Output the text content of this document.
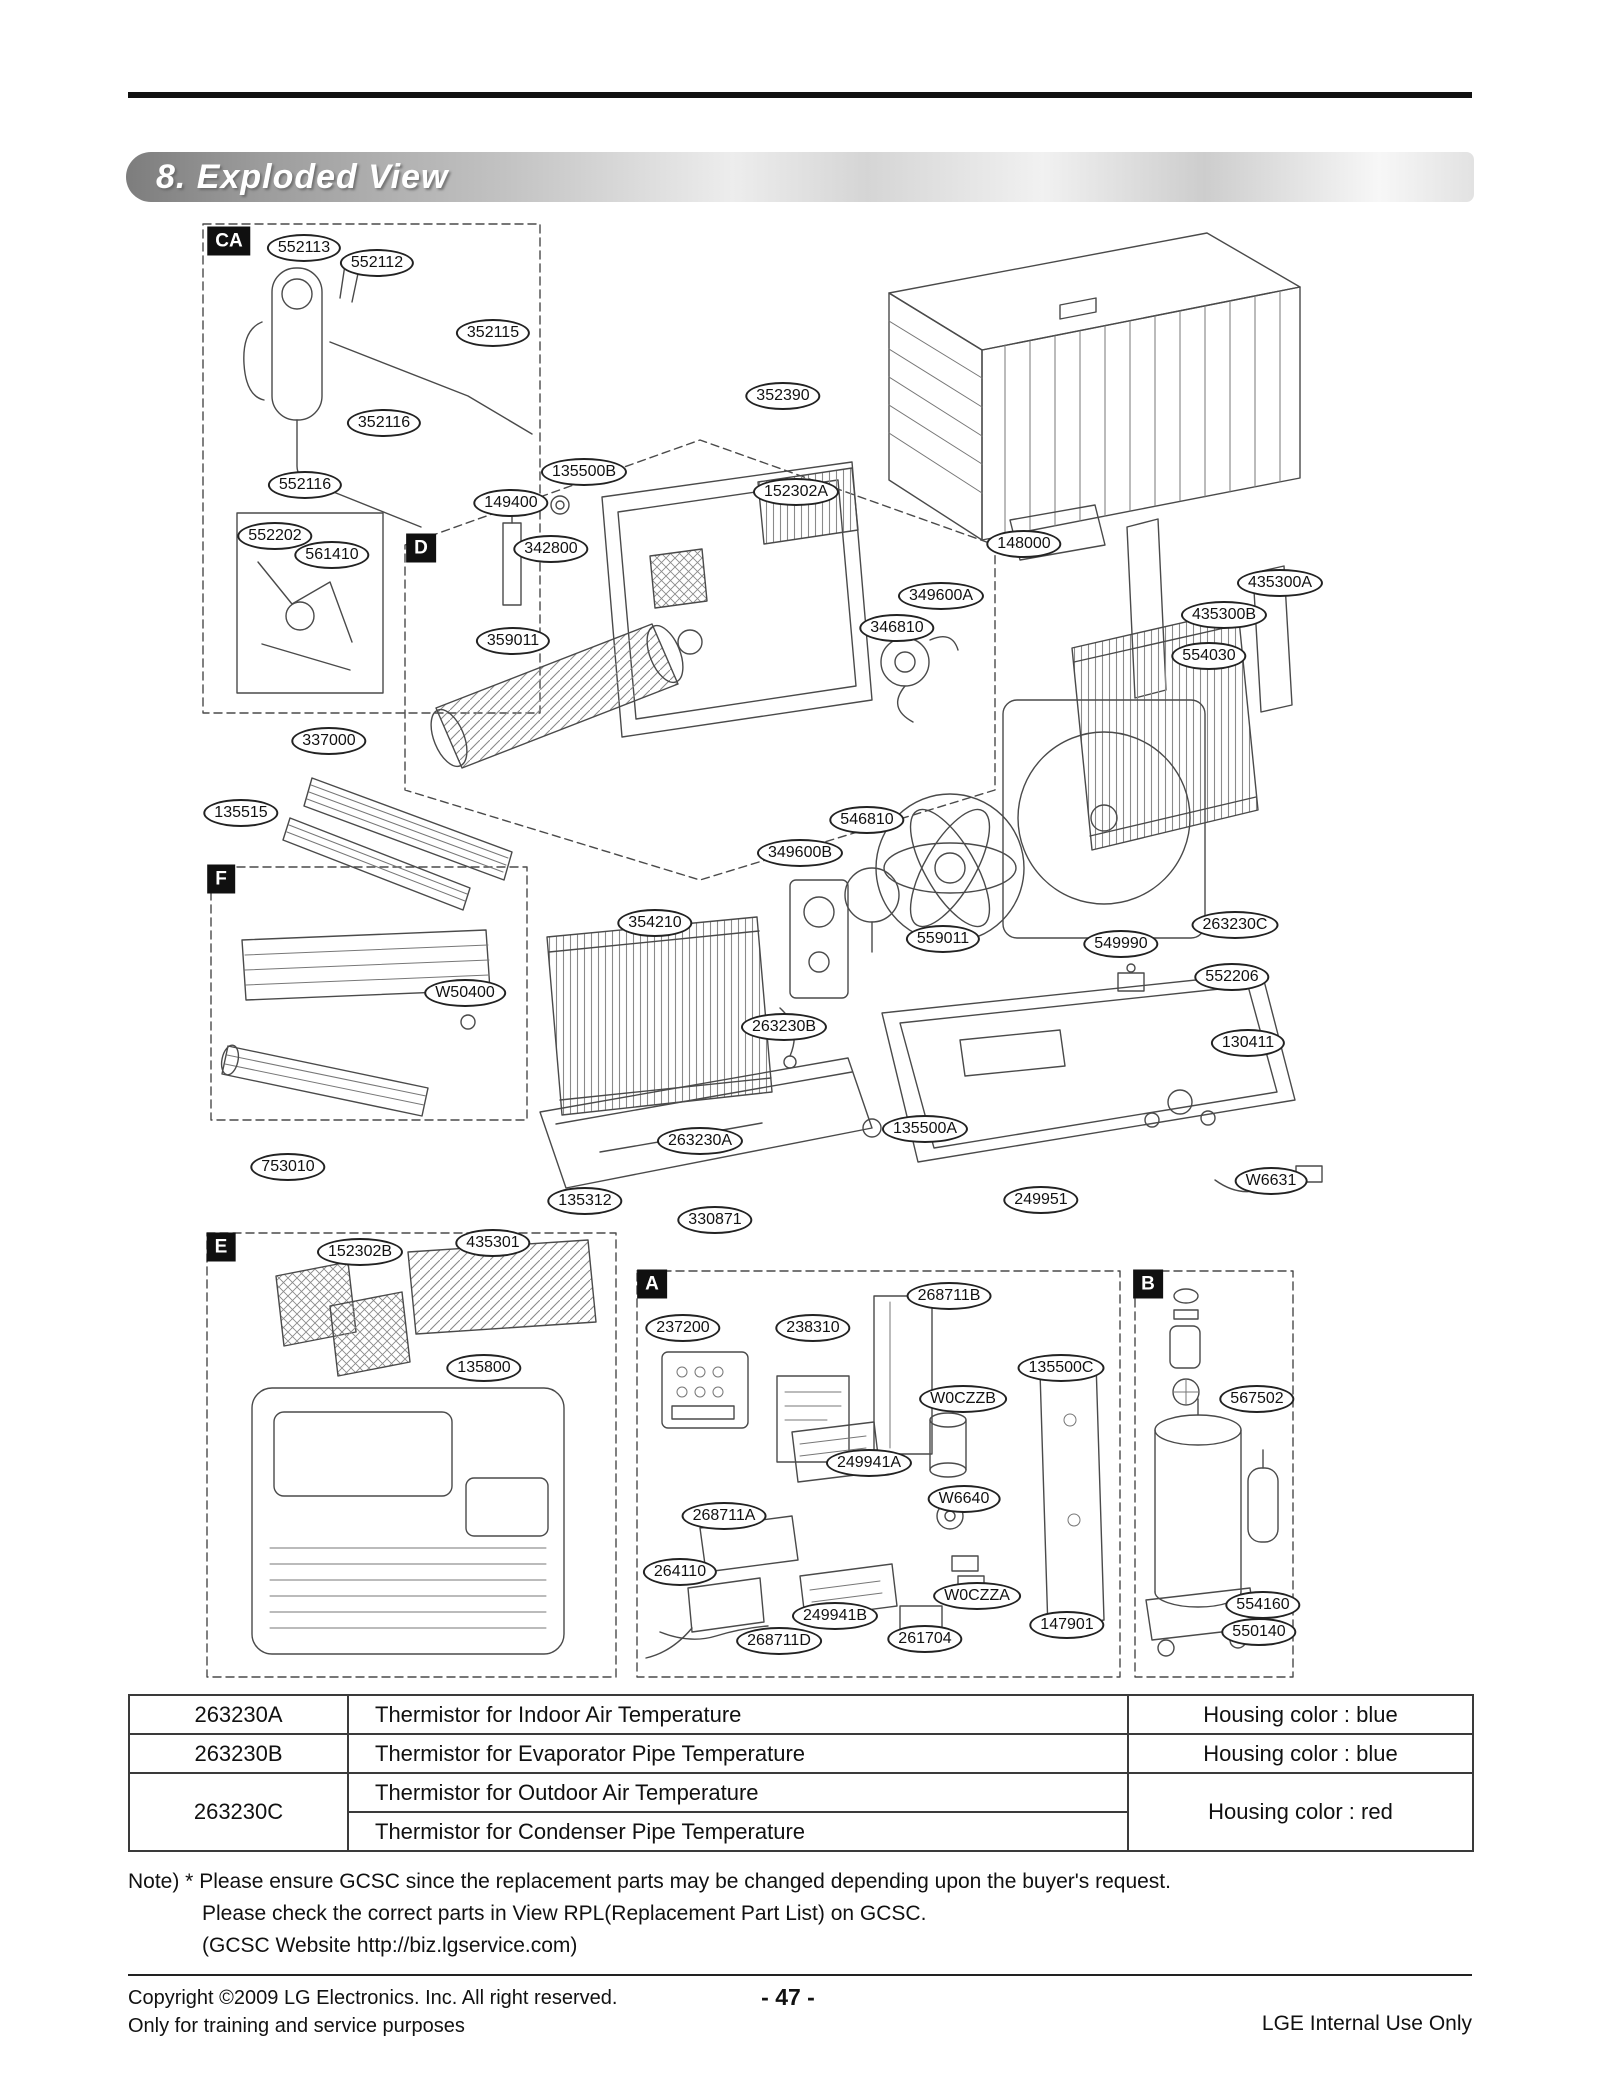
8. Exploded View
552113
552112
352115
352116
552116
552202
561410
352390
135500B
149400
152302A
342800	148000
435300A
435300B
349600A
346810
554030
359011
337000
135515	546810
349600B
559011	549990
263230C
552206
354210
W50400
263230B
130411
753010
263230A
135500A
W6631
135312
330871
249951
152302B
435301
135800
237200	238310
268711B
135500C
W0CZZB	567502
249941A
W6640
268711A
264110
W0CZZA
249941B
268711D	261704
147901
554160
550140
CA
D
F
E
A	B
263230A	Thermistor for Indoor Air Temperature	Housing color : blue
263230B	Thermistor for Evaporator Pipe Temperature	Housing color : blue
263230C	Thermistor for Outdoor Air Temperature	Housing color : red
	Thermistor for Condenser Pipe Temperature	
Note) * Please ensure GCSC since the replacement parts may be changed depending upon the buyer's request.
Please check the correct parts in View RPL(Replacement Part List) on GCSC.
(GCSC Website http://biz.lgservice.com)
Copyright ©2009 LG Electronics. Inc. All right reserved.
Only for training and service purposes
- 47 -
LGE Internal Use Only
